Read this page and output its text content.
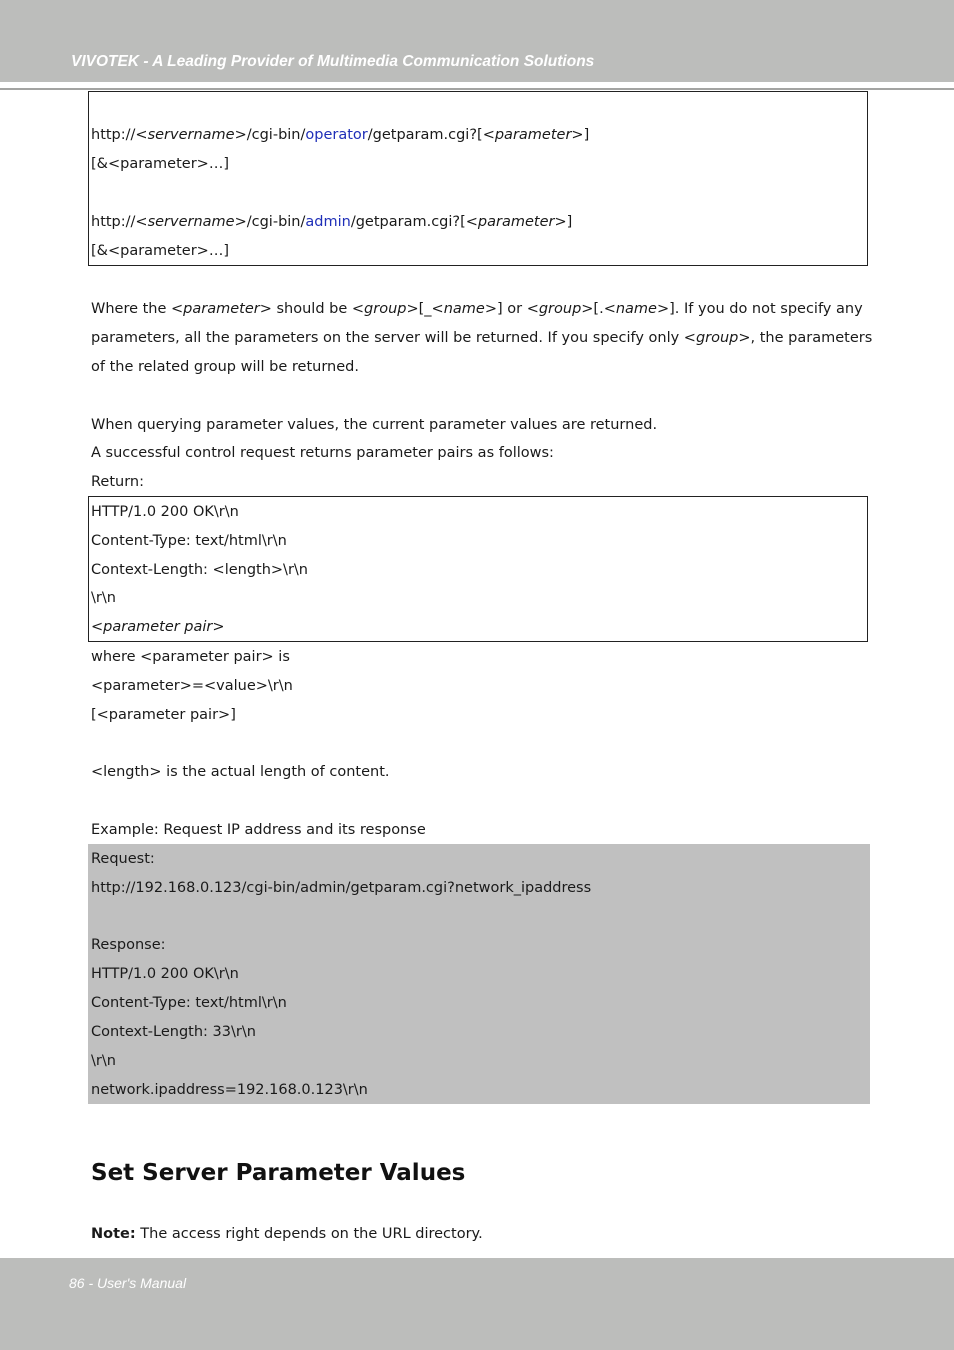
VIVOTEK - A Leading Provider of Multimedia Communication Solutions
http://<servername>/cgi-bin/operator/getparam.cgi?[<parameter>]
[&<parameter>…]
http://<servername>/cgi-bin/admin/getparam.cgi?[<parameter>]
[&<parameter>…]
Where the <parameter> should be <group>[_<name>] or <group>[.<name>]. If you do not specify any
parameters, all the parameters on the server will be returned. If you specify only <group>, the parameters
of the related group will be returned.
When querying parameter values, the current parameter values are returned.
A successful control request returns parameter pairs as follows:
Return:
HTTP/1.0 200 OK\r\n
Content-Type: text/html\r\n
Context-Length: <length>\r\n
\r\n
<parameter pair>
where <parameter pair> is
<parameter>=<value>\r\n
[<parameter pair>]
<length> is the actual length of content.
Example: Request IP address and its response
Request:
http://192.168.0.123/cgi-bin/admin/getparam.cgi?network_ipaddress
Response:
HTTP/1.0 200 OK\r\n
Content-Type: text/html\r\n
Context-Length: 33\r\n
\r\n
network.ipaddress=192.168.0.123\r\n
Set Server Parameter Values
Note: The access right depends on the URL directory.
86 - User's Manual
